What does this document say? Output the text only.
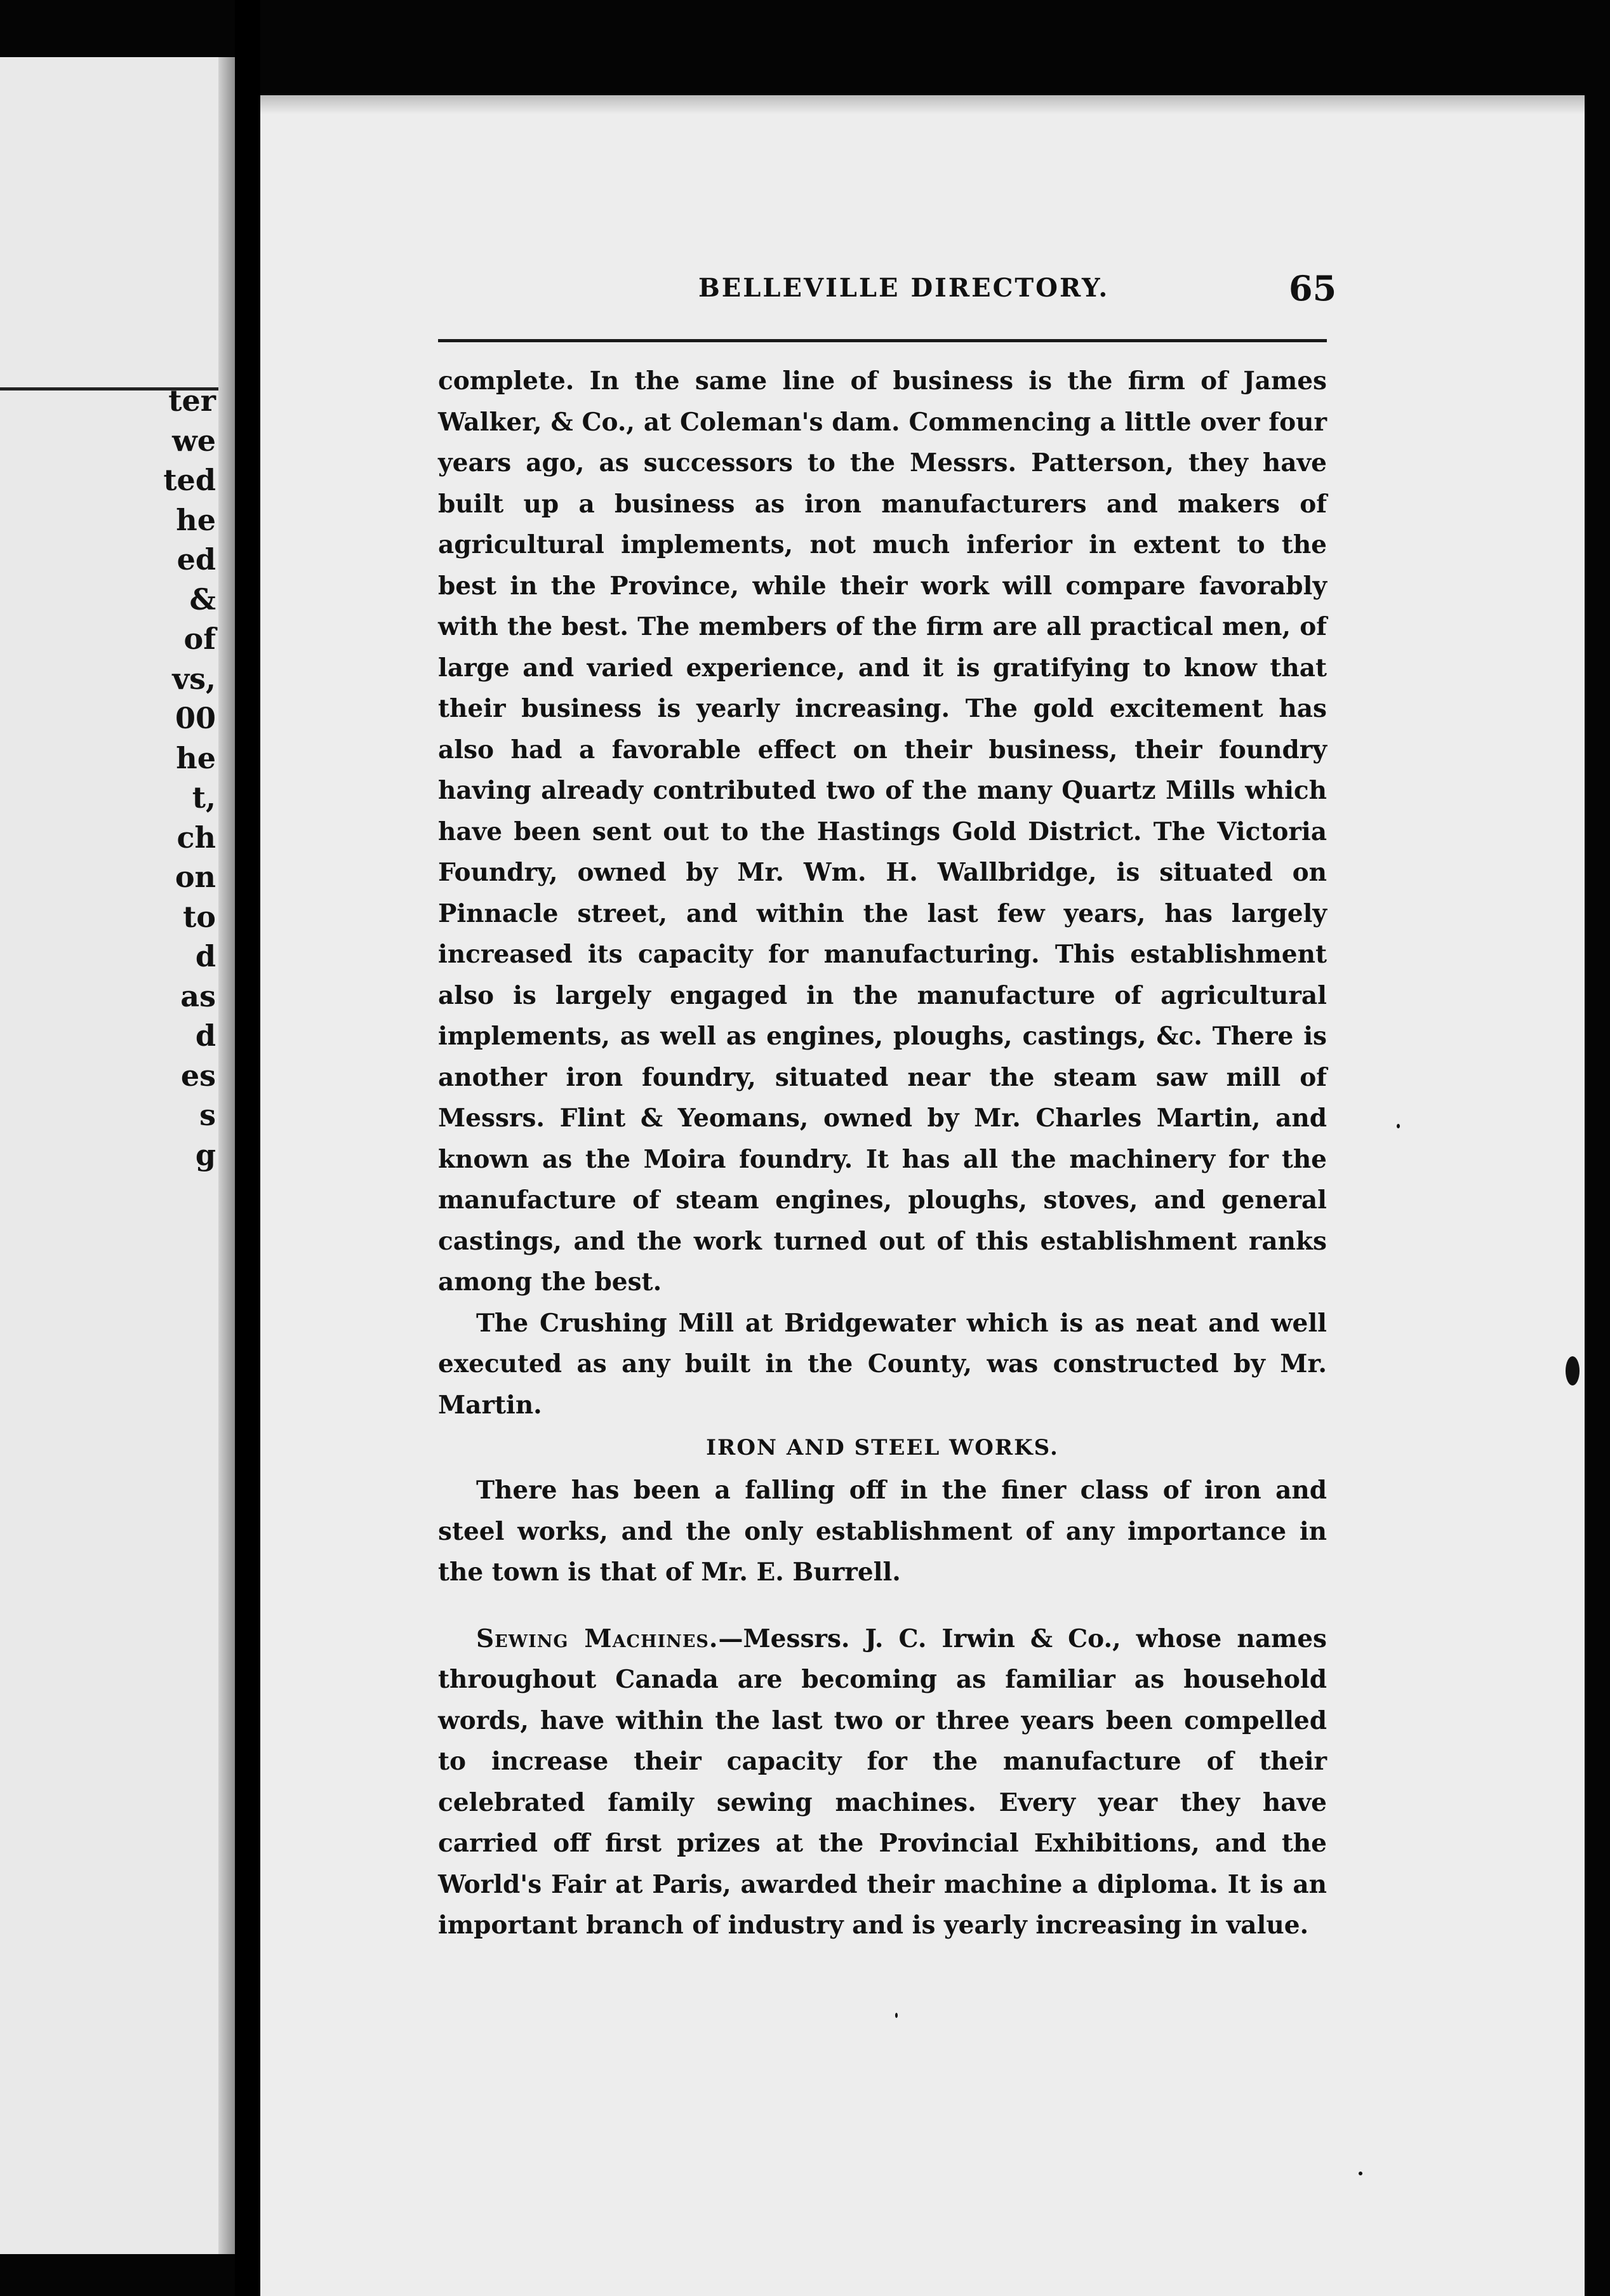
ter
we
ted
he
ed
&
of
vs,
00
he
t,
ch
on
to
d
as
d
es
s
g
BELLEVILLE DIRECTORY.	65

complete. In the same line of business is the firm of James Walker, & Co., at Coleman's dam. Commencing a little over four years ago, as successors to the Messrs. Patterson, they have built up a business as iron manufacturers and makers of agricultural implements, not much inferior in extent to the best in the Province, while their work will compare favorably with the best. The members of the firm are all practical men, of large and varied experience, and it is gratifying to know that their business is yearly increasing. The gold excitement has also had a favorable effect on their business, their foundry having already contributed two of the many Quartz Mills which have been sent out to the Hastings Gold District. The Victoria Foundry, owned by Mr. Wm. H. Wallbridge, is situated on Pinnacle street, and within the last few years, has largely increased its capacity for manufacturing. This establishment also is largely engaged in the manufacture of agricultural implements, as well as engines, ploughs, castings, &c. There is another iron foundry, situated near the steam saw mill of Messrs. Flint & Yeomans, owned by Mr. Charles Martin, and known as the Moira foundry. It has all the machinery for the manufacture of steam engines, ploughs, stoves, and general castings, and the work turned out of this establishment ranks among the best.

The Crushing Mill at Bridgewater which is as neat and well executed as any built in the County, was constructed by Mr. Martin.

IRON AND STEEL WORKS.

There has been a falling off in the finer class of iron and steel works, and the only establishment of any importance in the town is that of Mr. E. Burrell.

Sewing Machines.—Messrs. J. C. Irwin & Co., whose names throughout Canada are becoming as familiar as household words, have within the last two or three years been compelled to increase their capacity for the manufacture of their celebrated family sewing machines. Every year they have carried off first prizes at the Provincial Exhibitions, and the World's Fair at Paris, awarded their machine a diploma. It is an important branch of industry and is yearly increasing in value.
